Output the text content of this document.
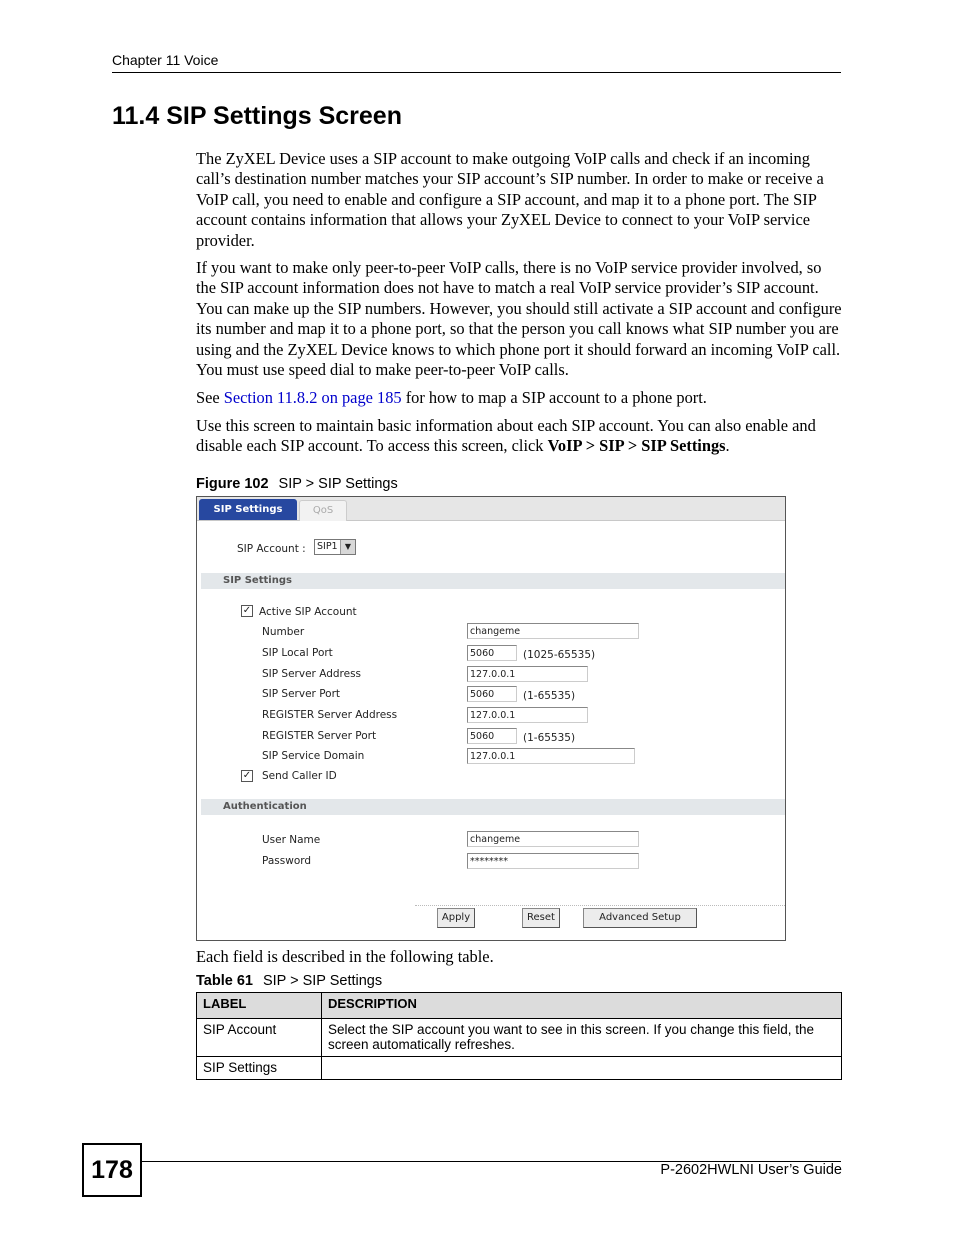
Chapter 11 Voice
11.4 SIP Settings Screen

The ZyXEL Device uses a SIP account to make outgoing VoIP calls and check if an incoming call’s destination number matches your SIP account’s SIP number. In order to make or receive a VoIP call, you need to enable and configure a SIP account, and map it to a phone port. The SIP account contains information that allows your ZyXEL Device to connect to your VoIP service provider.

If you want to make only peer-to-peer VoIP calls, there is no VoIP service provider involved, so the SIP account information does not have to match a real VoIP service provider’s SIP account. You can make up the SIP numbers. However, you should still activate a SIP account and configure its number and map it to a phone port, so that the person you call knows what SIP number you are using and the ZyXEL Device knows to which phone port it should forward an incoming VoIP call. You must use speed dial to make peer-to-peer VoIP calls.

See Section 11.8.2 on page 185 for how to map a SIP account to a phone port.

Use this screen to maintain basic information about each SIP account. You can also enable and disable each SIP account. To access this screen, click VoIP > SIP > SIP Settings.

Figure 102 SIP > SIP Settings
SIP Settings	QoS
SIP Account : SIP1 ▼
SIP Settings
✓ Active SIP Account
Number	changeme
SIP Local Port	5060	(1025-65535)
SIP Server Address	127.0.0.1
SIP Server Port	5060	(1-65535)
REGISTER Server Address	127.0.0.1
REGISTER Server Port	5060	(1-65535)
SIP Service Domain	127.0.0.1
✓ Send Caller ID
Authentication
User Name	changeme
Password	********
Apply	Reset	Advanced Setup

Each field is described in the following table.

Table 61 SIP > SIP Settings
LABEL	DESCRIPTION
SIP Account	Select the SIP account you want to see in this screen. If you change this field, the screen automatically refreshes.
SIP Settings	
178	P-2602HWLNI User’s Guide
